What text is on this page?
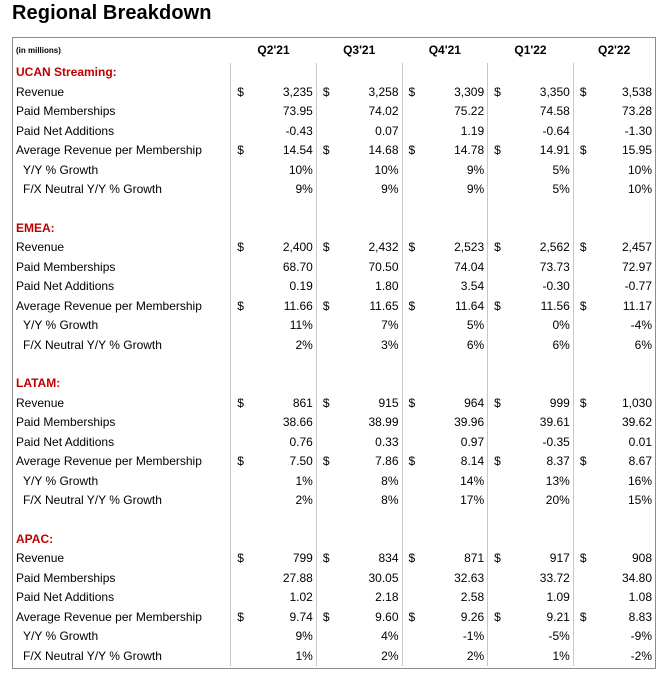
Regional Breakdown
(in millions)	Q2'21		Q3'21		Q4'21		Q1'22		Q2'22	
UCAN Streaming:										
Revenue	$	3,235	$	3,258	$	3,309	$	3,350	$	3,538
Paid Memberships		73.95		74.02		75.22		74.58		73.28
Paid Net Additions		-0.43		0.07		1.19		-0.64		-1.30
Average Revenue per Membership	$	14.54	$	14.68	$	14.78	$	14.91	$	15.95
Y/Y % Growth		10%		10%		9%		5%		10%
F/X Neutral Y/Y % Growth		9%		9%		9%		5%		10%

EMEA:										
Revenue	$	2,400	$	2,432	$	2,523	$	2,562	$	2,457
Paid Memberships		68.70		70.50		74.04		73.73		72.97
Paid Net Additions		0.19		1.80		3.54		-0.30		-0.77
Average Revenue per Membership	$	11.66	$	11.65	$	11.64	$	11.56	$	11.17
Y/Y % Growth		11%		7%		5%		0%		-4%
F/X Neutral Y/Y % Growth		2%		3%		6%		6%		6%

LATAM:										
Revenue	$	861	$	915	$	964	$	999	$	1,030
Paid Memberships		38.66		38.99		39.96		39.61		39.62
Paid Net Additions		0.76		0.33		0.97		-0.35		0.01
Average Revenue per Membership	$	7.50	$	7.86	$	8.14	$	8.37	$	8.67
Y/Y % Growth		1%		8%		14%		13%		16%
F/X Neutral Y/Y % Growth		2%		8%		17%		20%		15%

APAC:										
Revenue	$	799	$	834	$	871	$	917	$	908
Paid Memberships		27.88		30.05		32.63		33.72		34.80
Paid Net Additions		1.02		2.18		2.58		1.09		1.08
Average Revenue per Membership	$	9.74	$	9.60	$	9.26	$	9.21	$	8.83
Y/Y % Growth		9%		4%		-1%		-5%		-9%
F/X Neutral Y/Y % Growth		1%		2%		2%		1%		-2%
